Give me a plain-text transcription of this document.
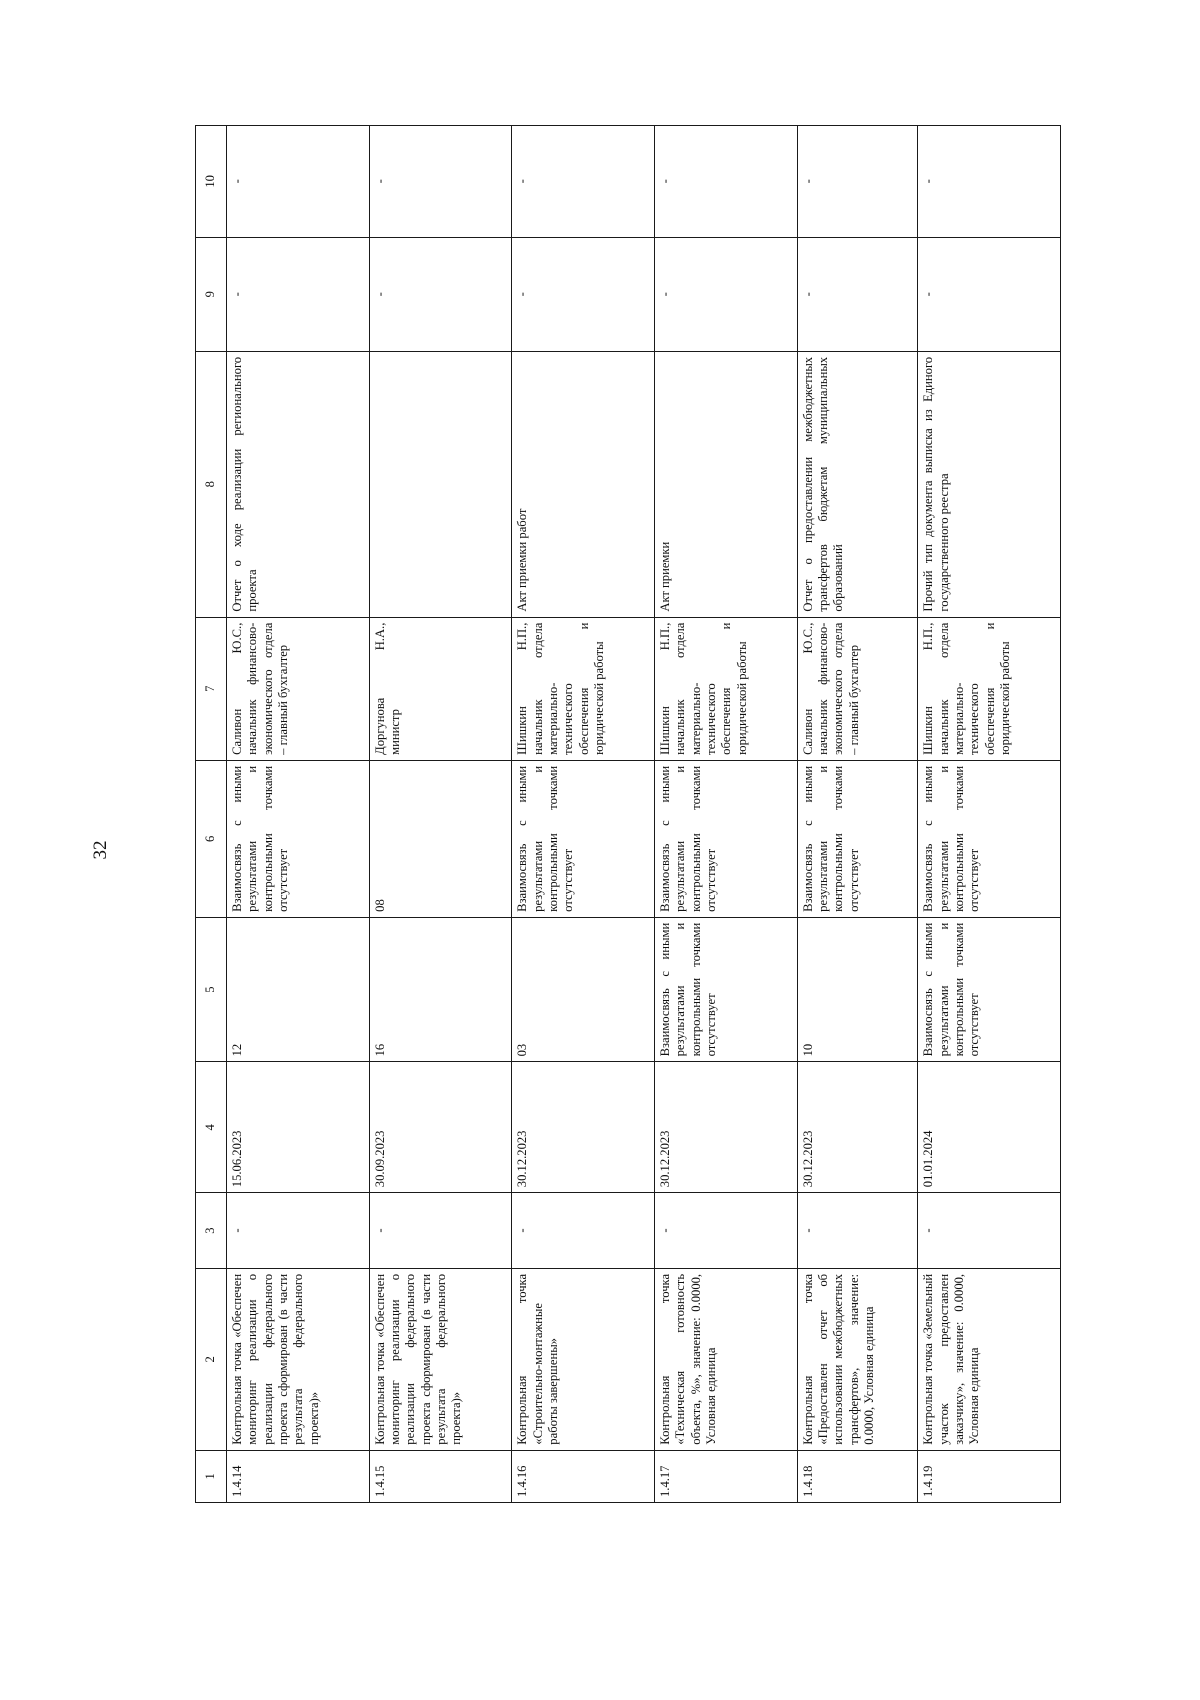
32
1	2	3	4	5	6	7	8	9	10
1.4.14	Контрольная точка «Обеспечен мониторинг реализации о реализации федерального проекта сформирован (в части результата федерального проекта)»	-	15.06.2023	12	Взаимосвязь с иными результатами и контрольными точками отсутствует	Саливон Ю.С., начальник финансово-экономического отдела – главный бухгалтер	Отчет о ходе реализации регионального проекта	-	-
1.4.15	Контрольная точка «Обеспечен мониторинг реализации о реализации федерального проекта сформирован (в части результата федерального проекта)»	-	30.09.2023	16	08	Доргунова Н.А., министр		-	-
1.4.16	Контрольная точка «Строительно-монтажные работы завершены»	-	30.12.2023	03	Взаимосвязь с иными результатами и контрольными точками отсутствует	Шишкин Н.П., начальник отдела материально-технического обеспечения и юридической работы	Акт приемки работ	-	-
1.4.17	Контрольная точка «Техническая готовность объекта, %», значение: 0.0000, Условная единица	-	30.12.2023	Взаимосвязь с иными результатами и контрольными точками отсутствует	Взаимосвязь с иными результатами и контрольными точками отсутствует	Шишкин Н.П., начальник отдела материально-технического обеспечения и юридической работы	Акт приемки	-	-
1.4.18	Контрольная точка «Предоставлен отчет об использовании межбюджетных трансфертов», значение: 0.0000, Условная единица	-	30.12.2023	10	Взаимосвязь с иными результатами и контрольными точками отсутствует	Саливон Ю.С., начальник финансово-экономического отдела – главный бухгалтер	Отчет о предоставлении межбюджетных трансфертов бюджетам муниципальных образований	-	-
1.4.19	Контрольная точка «Земельный участок предоставлен заказчику», значение: 0.0000, Условная единица	-	01.01.2024	Взаимосвязь с иными результатами и контрольными точками отсутствует	Взаимосвязь с иными результатами и контрольными точками отсутствует	Шишкин Н.П., начальник отдела материально-технического обеспечения и юридической работы	Прочий тип документа выписка из Единого государственного реестра	-	-
